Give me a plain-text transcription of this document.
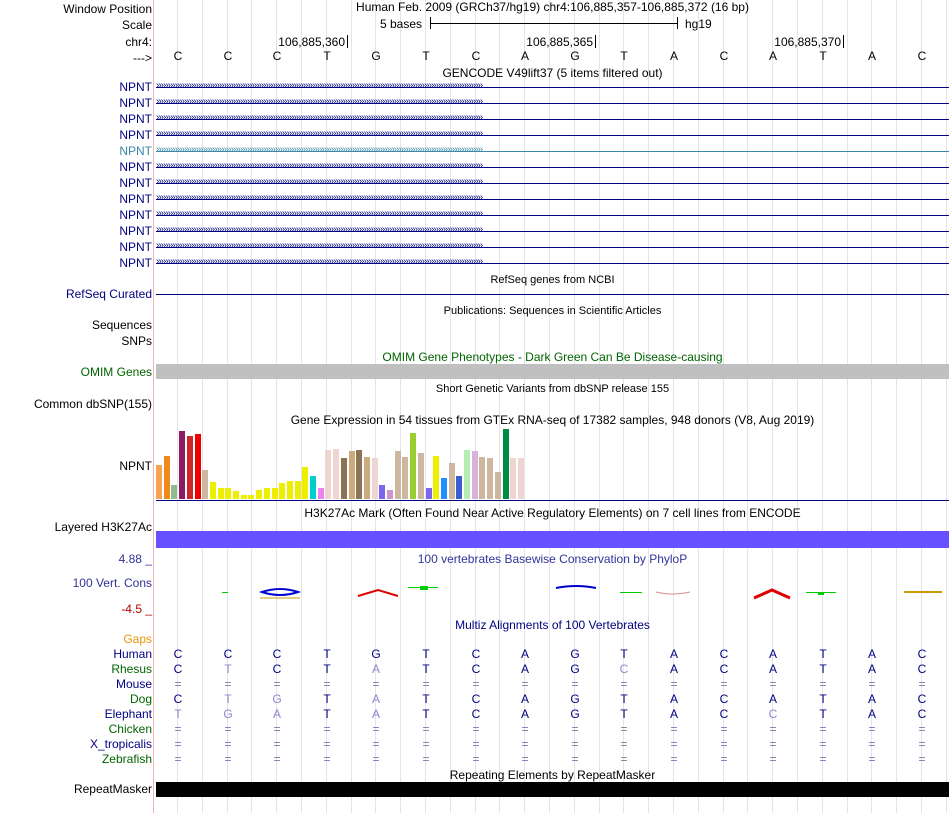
Window Position
Scale
chr4:
--->
Human Feb. 2009 (GRCh37/hg19) chr4:106,885,357-106,885,372 (16 bp)
5 bases	hg19
106,885,360	106,885,365	106,885,370
C	C	C	T	G	T	C	A	G	T	A	C	A	T	A	C
GENCODE V49lift37 (5 items filtered out)
NPNT ››››››››››››››››››››››››››››››››››››››››››››››››››››››››››››››››››››››››››››››››››››››››››››››››››››››››››››››››››››››››››››››››››››››››››››
NPNT ››››››››››››››››››››››››››››››››››››››››››››››››››››››››››››››››››››››››››››››››››››››››››››››››››››››››››››››››››››››››››››››››››››››››››››
NPNT ››››››››››››››››››››››››››››››››››››››››››››››››››››››››››››››››››››››››››››››››››››››››››››››››››››››››››››››››››››››››››››››››››››››››››››
NPNT ››››››››››››››››››››››››››››››››››››››››››››››››››››››››››››››››››››››››››››››››››››››››››››››››››››››››››››››››››››››››››››››››››››››››››››
NPNT ››››››››››››››››››››››››››››››››››››››››››››››››››››››››››››››››››››››››››››››››››››››››››››››››››››››››››››››››››››››››››››››››››››››››››››
NPNT ››››››››››››››››››››››››››››››››››››››››››››››››››››››››››››››››››››››››››››››››››››››››››››››››››››››››››››››››››››››››››››››››››››››››››››
NPNT ››››››››››››››››››››››››››››››››››››››››››››››››››››››››››››››››››››››››››››››››››››››››››››››››››››››››››››››››››››››››››››››››››››››››››››
NPNT ››››››››››››››››››››››››››››››››››››››››››››››››››››››››››››››››››››››››››››››››››››››››››››››››››››››››››››››››››››››››››››››››››››››››››››
NPNT ››››››››››››››››››››››››››››››››››››››››››››››››››››››››››››››››››››››››››››››››››››››››››››››››››››››››››››››››››››››››››››››››››››››››››››
NPNT ››››››››››››››››››››››››››››››››››››››››››››››››››››››››››››››››››››››››››››››››››››››››››››››››››››››››››››››››››››››››››››››››››››››››››››
NPNT ››››››››››››››››››››››››››››››››››››››››››››››››››››››››››››››››››››››››››››››››››››››››››››››››››››››››››››››››››››››››››››››››››››››››››››
NPNT ››››››››››››››››››››››››››››››››››››››››››››››››››››››››››››››››››››››››››››››››››››››››››››››››››››››››››››››››››››››››››››››››››››››››››››
RefSeq genes from NCBI
RefSeq Curated
Publications: Sequences in Scientific Articles
Sequences
SNPs
OMIM Gene Phenotypes - Dark Green Can Be Disease-causing
OMIM Genes
Short Genetic Variants from dbSNP release 155
Common dbSNP(155)
Gene Expression in 54 tissues from GTEx RNA-seq of 17382 samples, 948 donors (V8, Aug 2019)
NPNT
H3K27Ac Mark (Often Found Near Active Regulatory Elements) on 7 cell lines from ENCODE
Layered H3K27Ac
100 vertebrates Basewise Conservation by PhyloP
4.88 _
100 Vert. Cons
-4.5 _
Multiz Alignments of 100 Vertebrates
Gaps
Human	C	C	C	T	G	T	C	A	G	T	A	C	A	T	A	C
Rhesus	C	T	C	T	A	T	C	A	G	C	A	C	A	T	A	C
Mouse	=	=	=	=	=	=	=	=	=	=	=	=	=	=	=	=
Dog	C	T	G	T	A	T	C	A	G	T	A	C	A	T	A	C
Elephant	T	G	A	T	A	T	C	A	G	T	A	C	C	T	A	C
Chicken	=	=	=	=	=	=	=	=	=	=	=	=	=	=	=	=
X_tropicalis	=	=	=	=	=	=	=	=	=	=	=	=	=	=	=	=
Zebrafish	=	=	=	=	=	=	=	=	=	=	=	=	=	=	=	=
Repeating Elements by RepeatMasker
RepeatMasker
